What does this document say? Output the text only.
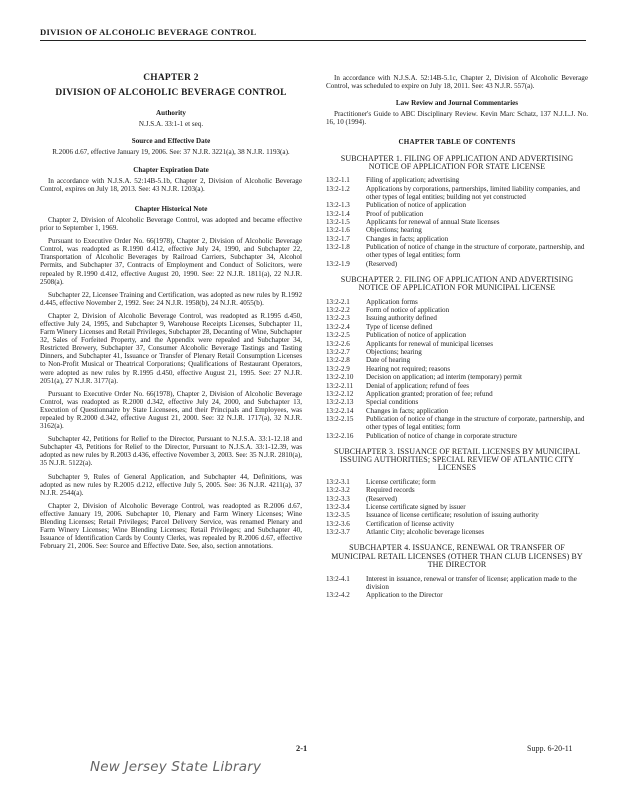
DIVISION OF ALCOHOLIC BEVERAGE CONTROL
CHAPTER 2
DIVISION OF ALCOHOLIC BEVERAGE CONTROL
Authority
N.J.S.A. 33:1-1 et seq.
Source and Effective Date
R.2006 d.67, effective January 19, 2006. See: 37 N.J.R. 3221(a), 38 N.J.R. 1193(a).
Chapter Expiration Date

In accordance with N.J.S.A. 52:14B-5.1b, Chapter 2, Division of Alcoholic Beverage Control, expires on July 18, 2013. See: 43 N.J.R. 1203(a).

Chapter Historical Note

Chapter 2, Division of Alcoholic Beverage Control, was adopted and became effective prior to September 1, 1969.

Pursuant to Executive Order No. 66(1978), Chapter 2, Division of Alcoholic Beverage Control, was readopted as R.1990 d.412, effective July 24, 1990, and Subchapter 22, Transportation of Alcoholic Beverages by Railroad Carriers, Subchapter 34, Alcohol Permits, and Subchapter 37, Contracts of Employment and Conduct of Solicitors, were repealed by R.1990 d.412, effective August 20, 1990. See: 22 N.J.R. 1811(a), 22 N.J.R. 2508(a).

Subchapter 22, Licensee Training and Certification, was adopted as new rules by R.1992 d.445, effective November 2, 1992. See: 24 N.J.R. 1958(b), 24 N.J.R. 4055(b).

Chapter 2, Division of Alcoholic Beverage Control, was readopted as R.1995 d.450, effective July 24, 1995, and Subchapter 9, Warehouse Receipts Licenses, Subchapter 11, Farm Winery Licenses and Retail Privileges, Subchapter 28, Decanting of Wine, Subchapter 32, Sales of Forfeited Property, and the Appendix were repealed and Subchapter 34, Restricted Brewery, Subchapter 37, Consumer Alcoholic Beverage Tastings and Tasting Dinners, and Subchapter 41, Issuance or Transfer of Plenary Retail Consumption Licenses to Non-Profit Musical or Theatrical Corporations; Qualifications of Restaurant Operators, were adopted as new rules by R.1995 d.450, effective August 21, 1995. See: 27 N.J.R. 2051(a), 27 N.J.R. 3177(a).

Pursuant to Executive Order No. 66(1978), Chapter 2, Division of Alcoholic Beverage Control, was readopted as R.2000 d.342, effective July 24, 2000, and Subchapter 13, Execution of Questionnaire by State Licensees, and their Principals and Employees, was repealed by R.2000 d.342, effective August 21, 2000. See: 32 N.J.R. 1717(a), 32 N.J.R. 3162(a).

Subchapter 42, Petitions for Relief to the Director, Pursuant to N.J.S.A. 33:1-12.18 and Subchapter 43, Petitions for Relief to the Director, Pursuant to N.J.S.A. 33:1-12.39, was adopted as new rules by R.2003 d.436, effective November 3, 2003. See: 35 N.J.R. 2810(a), 35 N.J.R. 5122(a).

Subchapter 9, Rules of General Application, and Subchapter 44, Definitions, was adopted as new rules by R.2005 d.212, effective July 5, 2005. See: 36 N.J.R. 4211(a), 37 N.J.R. 2544(a).

Chapter 2, Division of Alcoholic Beverage Control, was readopted as R.2006 d.67, effective January 19, 2006. Subchapter 10, Plenary and Farm Winery Licenses; Wine Blending Licenses; Retail Privileges; Parcel Delivery Service, was renamed Plenary and Farm Winery Licenses; Wine Blending Licenses; Retail Privileges; and Subchapter 40, Issuance of Identification Cards by County Clerks, was repealed by R.2006 d.67, effective February 21, 2006. See: Source and Effective Date. See, also, section annotations.

In accordance with N.J.S.A. 52:14B-5.1c, Chapter 2, Division of Alcoholic Beverage Control, was scheduled to expire on July 18, 2011. See: 43 N.J.R. 557(a).

Law Review and Journal Commentaries

Practitioner's Guide to ABC Disciplinary Review. Kevin Marc Schatz, 137 N.J.L.J. No. 16, 10 (1994).

CHAPTER TABLE OF CONTENTS
SUBCHAPTER 1. FILING OF APPLICATION AND ADVERTISING NOTICE OF APPLICATION FOR STATE LICENSE
13:2-1.1	Filing of application; advertising
13:2-1.2	Applications by corporations, partnerships, limited liability companies, and other types of legal entities; building not yet constructed
13:2-1.3	Publication of notice of application
13:2-1.4	Proof of publication
13:2-1.5	Applicants for renewal of annual State licenses
13:2-1.6	Objections; hearing
13:2-1.7	Changes in facts; application
13:2-1.8	Publication of notice of change in the structure of corporate, partnership, and other types of legal entities; form
13:2-1.9	(Reserved)
SUBCHAPTER 2. FILING OF APPLICATION AND ADVERTISING NOTICE OF APPLICATION FOR MUNICIPAL LICENSE
13:2-2.1	Application forms
13:2-2.2	Form of notice of application
13:2-2.3	Issuing authority defined
13:2-2.4	Type of license defined
13:2-2.5	Publication of notice of application
13:2-2.6	Applicants for renewal of municipal licenses
13:2-2.7	Objections; hearing
13:2-2.8	Date of hearing
13:2-2.9	Hearing not required; reasons
13:2-2.10	Decision on application; ad interim (temporary) permit
13:2-2.11	Denial of application; refund of fees
13:2-2.12	Application granted; proration of fee; refund
13:2-2.13	Special conditions
13:2-2.14	Changes in facts; application
13:2-2.15	Publication of notice of change in the structure of corporate, partnership, and other types of legal entities; form
13:2-2.16	Publication of notice of change in corporate structure
SUBCHAPTER 3. ISSUANCE OF RETAIL LICENSES BY MUNICIPAL ISSUING AUTHORITIES; SPECIAL REVIEW OF ATLANTIC CITY LICENSES
13:2-3.1	License certificate; form
13:2-3.2	Required records
13:2-3.3	(Reserved)
13:2-3.4	License certificate signed by issuer
13:2-3.5	Issuance of license certificate; resolution of issuing authority
13:2-3.6	Certification of license activity
13:2-3.7	Atlantic City; alcoholic beverage licenses
SUBCHAPTER 4. ISSUANCE, RENEWAL OR TRANSFER OF MUNICIPAL RETAIL LICENSES (OTHER THAN CLUB LICENSES) BY THE DIRECTOR
13:2-4.1	Interest in issuance, renewal or transfer of license; application made to the division
13:2-4.2	Application to the Director
2-1	Supp. 6-20-11
New Jersey State Library
